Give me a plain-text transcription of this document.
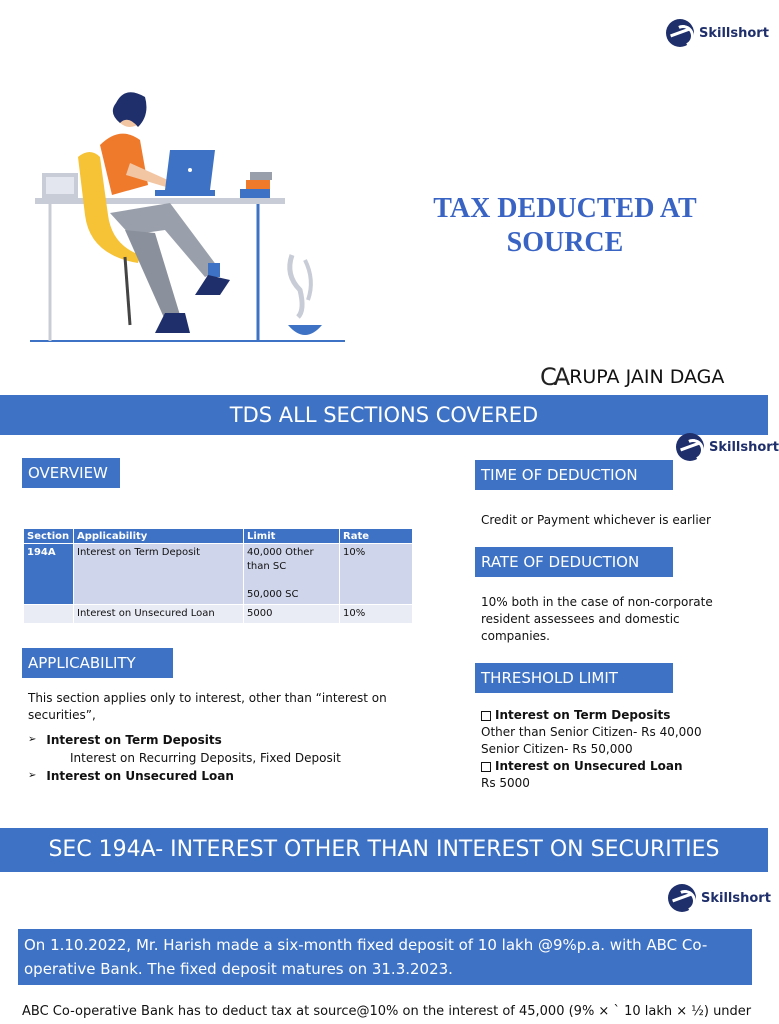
Skillshort
TAX DEDUCTED AT SOURCE
CA RUPA JAIN DAGA
TDS ALL SECTIONS COVERED
Skillshort
OVERVIEW
Section	Applicability	Limit	Rate
194A	Interest on Term Deposit	40,000 Other
than SC
50,000 SC	10%
	Interest on Unsecured Loan	5000	10%
APPLICABILITY
This section applies only to interest, other than “interest on
securities”,
➢ Interest on Term Deposits
Interest on Recurring Deposits, Fixed Deposit
➢ Interest on Unsecured Loan
TIME OF DEDUCTION
Credit or Payment whichever is earlier
RATE OF DEDUCTION
10% both in the case of non-corporate
resident assessees and domestic
companies.
THRESHOLD LIMIT
Interest on Term Deposits
Other than Senior Citizen- Rs 40,000
Senior Citizen- Rs 50,000
Interest on Unsecured Loan
Rs 5000
SEC 194A- INTEREST OTHER THAN INTEREST ON SECURITIES
Skillshort
On 1.10.2022, Mr. Harish made a six-month fixed deposit of 10 lakh @9%p.a. with ABC Co-
operative Bank. The fixed deposit matures on 31.3.2023.
ABC Co-operative Bank has to deduct tax at source@10% on the interest of 45,000 (9% × ` 10 lakh × ½) under
